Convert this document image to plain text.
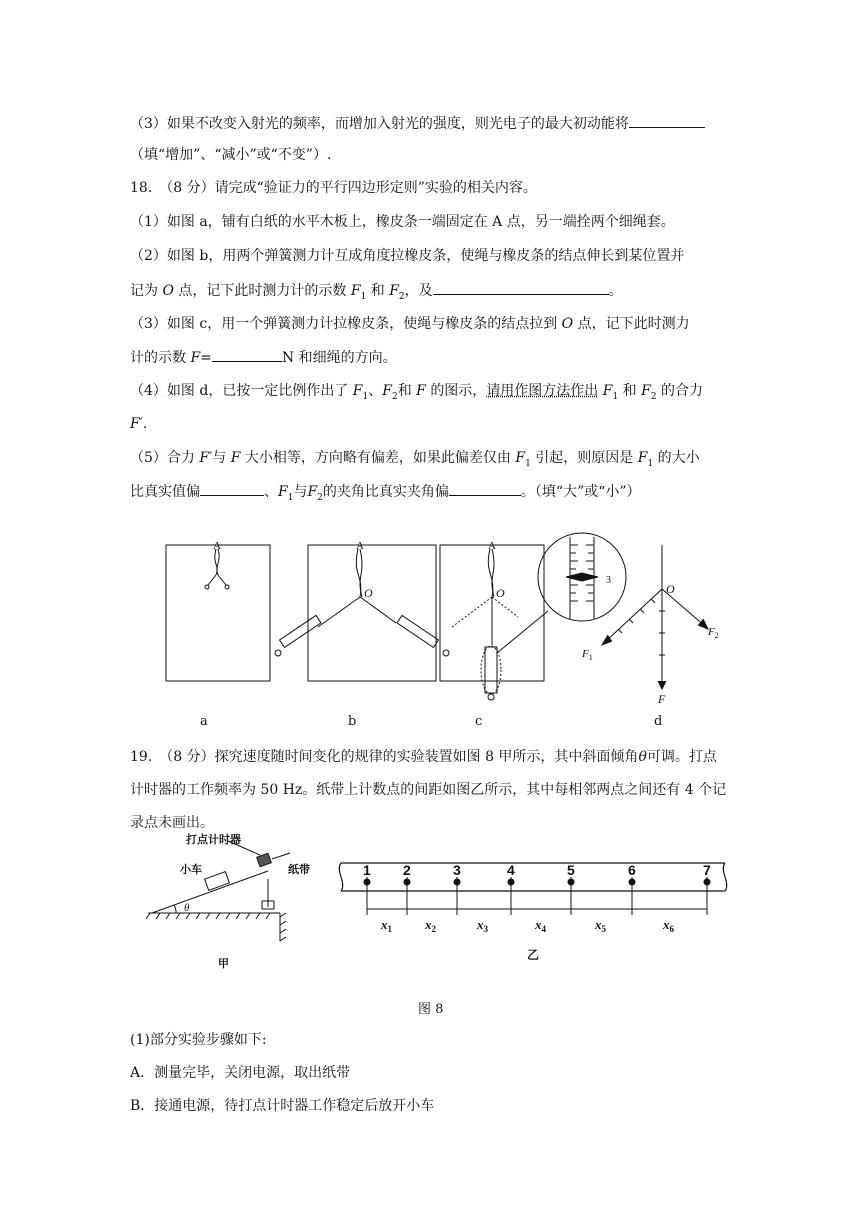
（3）如果不改变入射光的频率，而增加入射光的强度，则光电子的最大初动能将
（填“增加”、“减小”或“不变”）.
18.　（8 分）请完成“验证力的平行四边形定则”实验的相关内容。
（1）如图 a，铺有白纸的水平木板上，橡皮条一端固定在 A 点，另一端拴两个细绳套。
（2）如图 b，用两个弹簧测力计互成角度拉橡皮条，使绳与橡皮条的结点伸长到某位置并
记为 O 点，记下此时测力计的示数 $F_1$ 和 $F_2$，及	。
（3）如图 c，用一个弹簧测力计拉橡皮条，使绳与橡皮条的结点拉到 O 点，记下此时测力
计的示数 F=	N 和细绳的方向。
（4）如图 d，已按一定比例作出了 $F_1$、$F_2$和 F 的图示，请用作图方法作出 $F_1$ 和 $F_2$ 的合力
F′.
（5）合力 F′与 F 大小相等，方向略有偏差，如果此偏差仅由 $F_1$ 引起，则原因是 $F_1$ 的大小
比真实值偏	、$F_1$与$F_2$的夹角比真实夹角偏	。（填“大”或“小”）
A	A
O
A
O
3
O
$F_1$
$F_2$
F
a	b	c	d
19.　（8 分）探究速度随时间变化的规律的实验装置如图 8 甲所示，其中斜面倾角θ可调。打点
计时器的工作频率为 50 Hz。纸带上计数点的间距如图乙所示，其中每相邻两点之间还有 4 个记
录点未画出。
打点计时器
小车	纸带
θ
甲
1 2	3	4	5	6	7
$x_1$	$x_2$	$x_3$	$x_4$	$x_5$	$x_6$
乙
图 8
(1)部分实验步骤如下:
A．测量完毕，关闭电源，取出纸带
B．接通电源，待打点计时器工作稳定后放开小车
